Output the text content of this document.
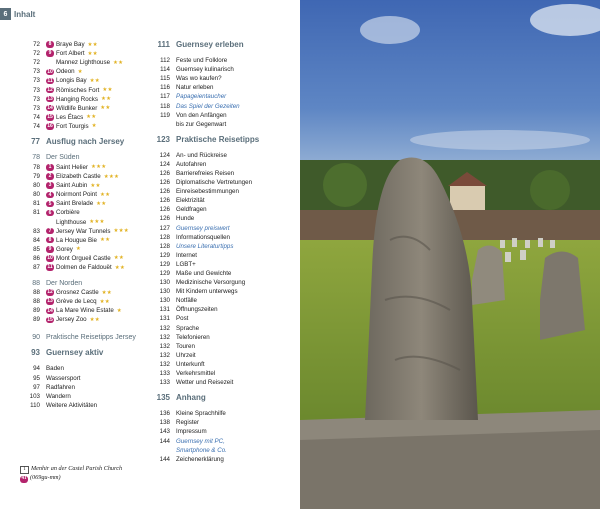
6 Inhalt
72	8 Braye Bay ★★
72	9 Fort Albert ★★
72	Mannez Lighthouse ★★
73	10 Odeon ★
73	11 Longis Bay ★★
73	12 Römisches Fort ★★
73	13 Hanging Rocks ★★
73	14 Wildlife Bunker ★★
74	15 Les Étacs ★★
74	16 Fort Tourgis ★
77 Ausflug nach Jersey
78 Der Süden
78	1 Saint Helier ★★★
79	2 Elizabeth Castle ★★★
80	3 Saint Aubin ★★
80	4 Noirmont Point ★★
81	5 Saint Brelade ★★
81	6 Corbière
Lighthouse ★★★
83	7 Jersey War Tunnels ★★★
84	8 La Hougue Bie ★★
85	9 Gorey ★
86	10 Mont Orgueil Castle ★★
87	11 Dolmen de Faldouët ★★
88 Der Norden
88	12 Grosnez Castle ★★
88	13 Grève de Lecq ★★
89	14 La Mare Wine Estate ★
89	15 Jersey Zoo ★★
90 Praktische Reisetipps Jersey
93 Guernsey aktiv
94 Baden
95 Wassersport
97 Radfahren
103 Wandern
110 Weitere Aktivitäten
111 Guernsey erleben
112 Feste und Folklore
114 Guernsey kulinarisch
115 Was wo kaufen?
116 Natur erleben
117 Papageientaucher
118 Das Spiel der Gezeiten
119 Von den Anfängen
bis zur Gegenwart
123 Praktische Reisetipps
124 An- und Rückreise
124 Autofahren
126 Barrierefreies Reisen
126 Diplomatische Vertretungen
126 Einreisebestimmungen
126 Elektrizität
126 Geldfragen
126 Hunde
127 Guernsey preiswert
128 Informationsquellen
128 Unsere Literaturtipps
129 Internet
129 LGBT+
129 Maße und Gewichte
130 Medizinische Versorgung
130 Mit Kindern unterwegs
130 Notfälle
131 Öffnungszeiten
131 Post
132 Sprache
132 Telefonieren
132 Touren
132 Uhrzeit
132 Unterkunft
133 Verkehrsmittel
133 Wetter und Reisezeit
135 Anhang
136 Kleine Sprachhilfe
138 Register
143 Impressum
144 Guernsey mit PC,
Smartphone & Co.
144 Zeichenerklärung
1 Menhir an der Castel Parish Church 41 (069gu-mm)
